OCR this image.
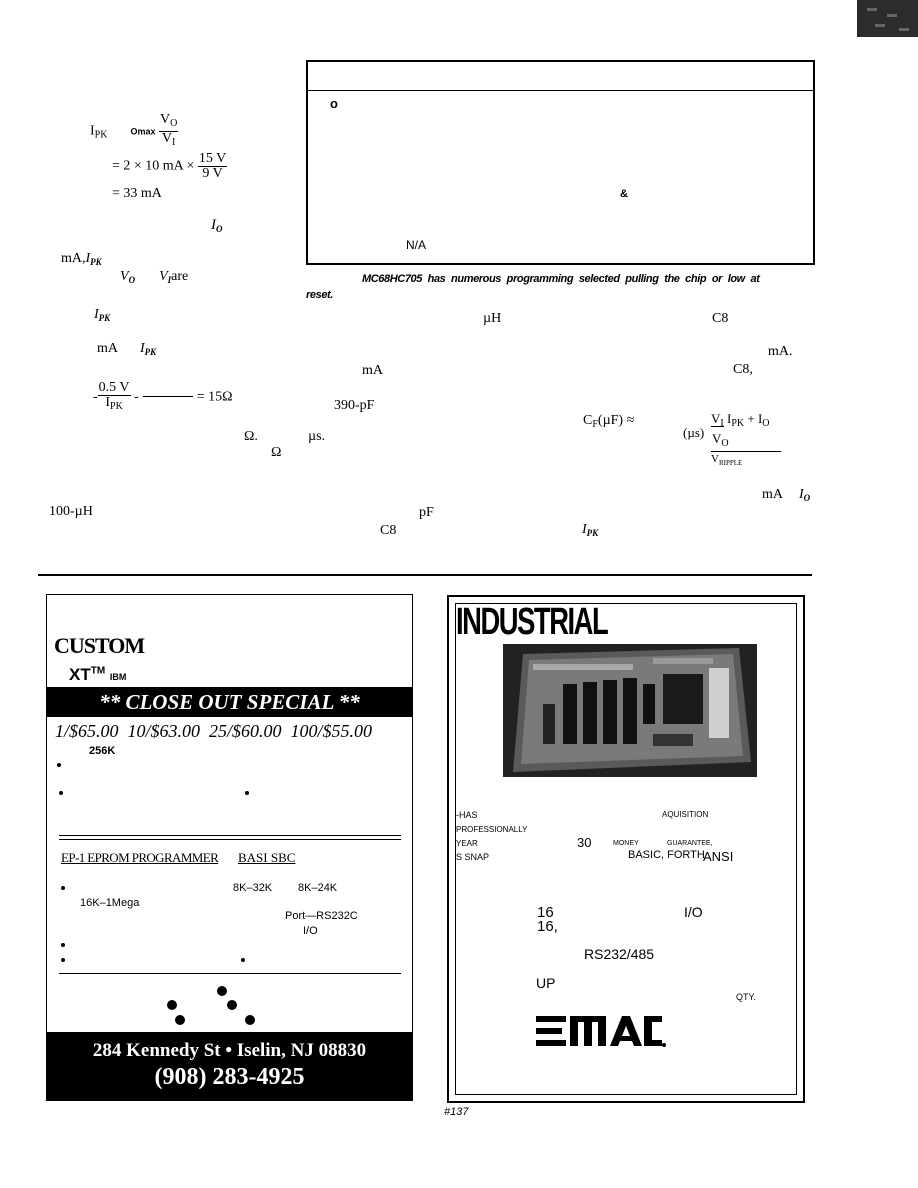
$I_{PK}$	Omax $\frac{V_O}{V_I}$
= 2 × 10 mA × $\frac{15 V}{9 V}$
= 33 mA
$I_O$
$mA,I_{PK}$
$V_O$ $V_Iare$
$I_{PK}$
mA $I_{PK}$
- $\frac{0.5 V}{I_{PK}}$ -	= 15Ω
Ω.	µs.
Ω
100-µH
o
&
N/A
MC68HC705 has numerous programming selected pulling the chip or low at
reset.
µH	C8
mA.
mA	C8,
390-pF
$C_F(\mu F)$ ≈
(µs)
$V_I$ $I_{PK} + I_O$
$\frac{V_O}{V_{RIPPLE}}$
mA $I_O$
pF
C8	$I_{PK}$
CUSTOM
XT™ IBM
** CLOSE OUT SPECIAL **
1/$65.00 10/$63.00 25/$60.00 100/$55.00
256K
EP-1 EPROM PROGRAMMER BASI SBC
8K–32K 8K–24K
16K–1Mega
Port—RS232C
I/O
284 Kennedy St • Iselin, NJ 08830
(908) 283-4925
INDUSTRIAL
-HAS	AQUISITION
PROFESSIONALLY
YEAR	30	MONEY	GUARANTEE,
S SNAP	BASIC, FORTH
ANSI
16	I/O
16,
RS232/485
UP
QTY.
#137
